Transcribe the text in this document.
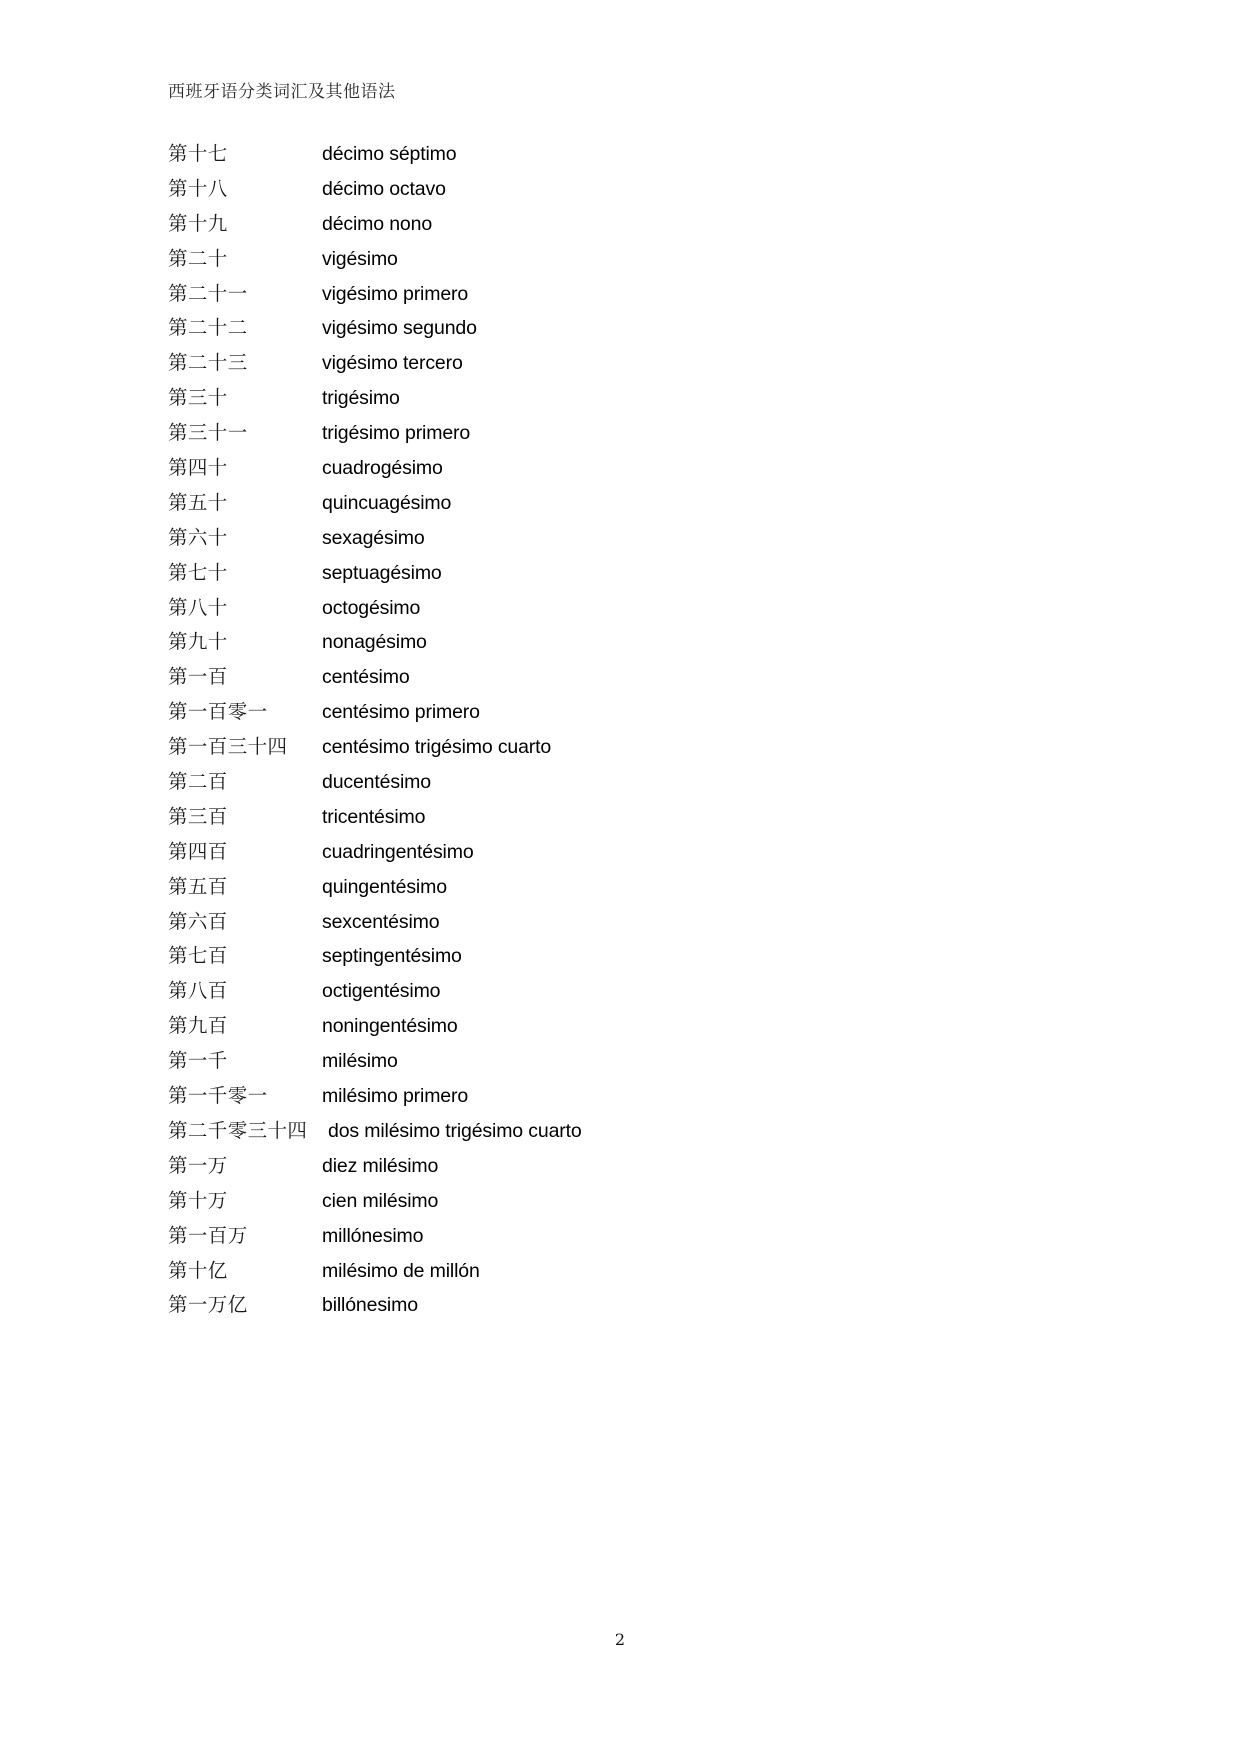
西班牙语分类词汇及其他语法
第十七	décimo séptimo
第十八	décimo octavo
第十九	décimo nono
第二十	vigésimo
第二十一	vigésimo primero
第二十二	vigésimo segundo
第二十三	vigésimo tercero
第三十	trigésimo
第三十一	trigésimo primero
第四十	cuadrogésimo
第五十	quincuagésimo
第六十	sexagésimo
第七十	septuagésimo
第八十	octogésimo
第九十	nonagésimo
第一百	centésimo
第一百零一	centésimo primero
第一百三十四	centésimo trigésimo cuarto
第二百	ducentésimo
第三百	tricentésimo
第四百	cuadringentésimo
第五百	quingentésimo
第六百	sexcentésimo
第七百	septingentésimo
第八百	octigentésimo
第九百	noningentésimo
第一千	milésimo
第一千零一	milésimo primero
第二千零三十四	dos milésimo trigésimo cuarto
第一万	diez milésimo
第十万	cien milésimo
第一百万	millónesimo
第十亿	milésimo de millón
第一万亿	billónesimo
2
